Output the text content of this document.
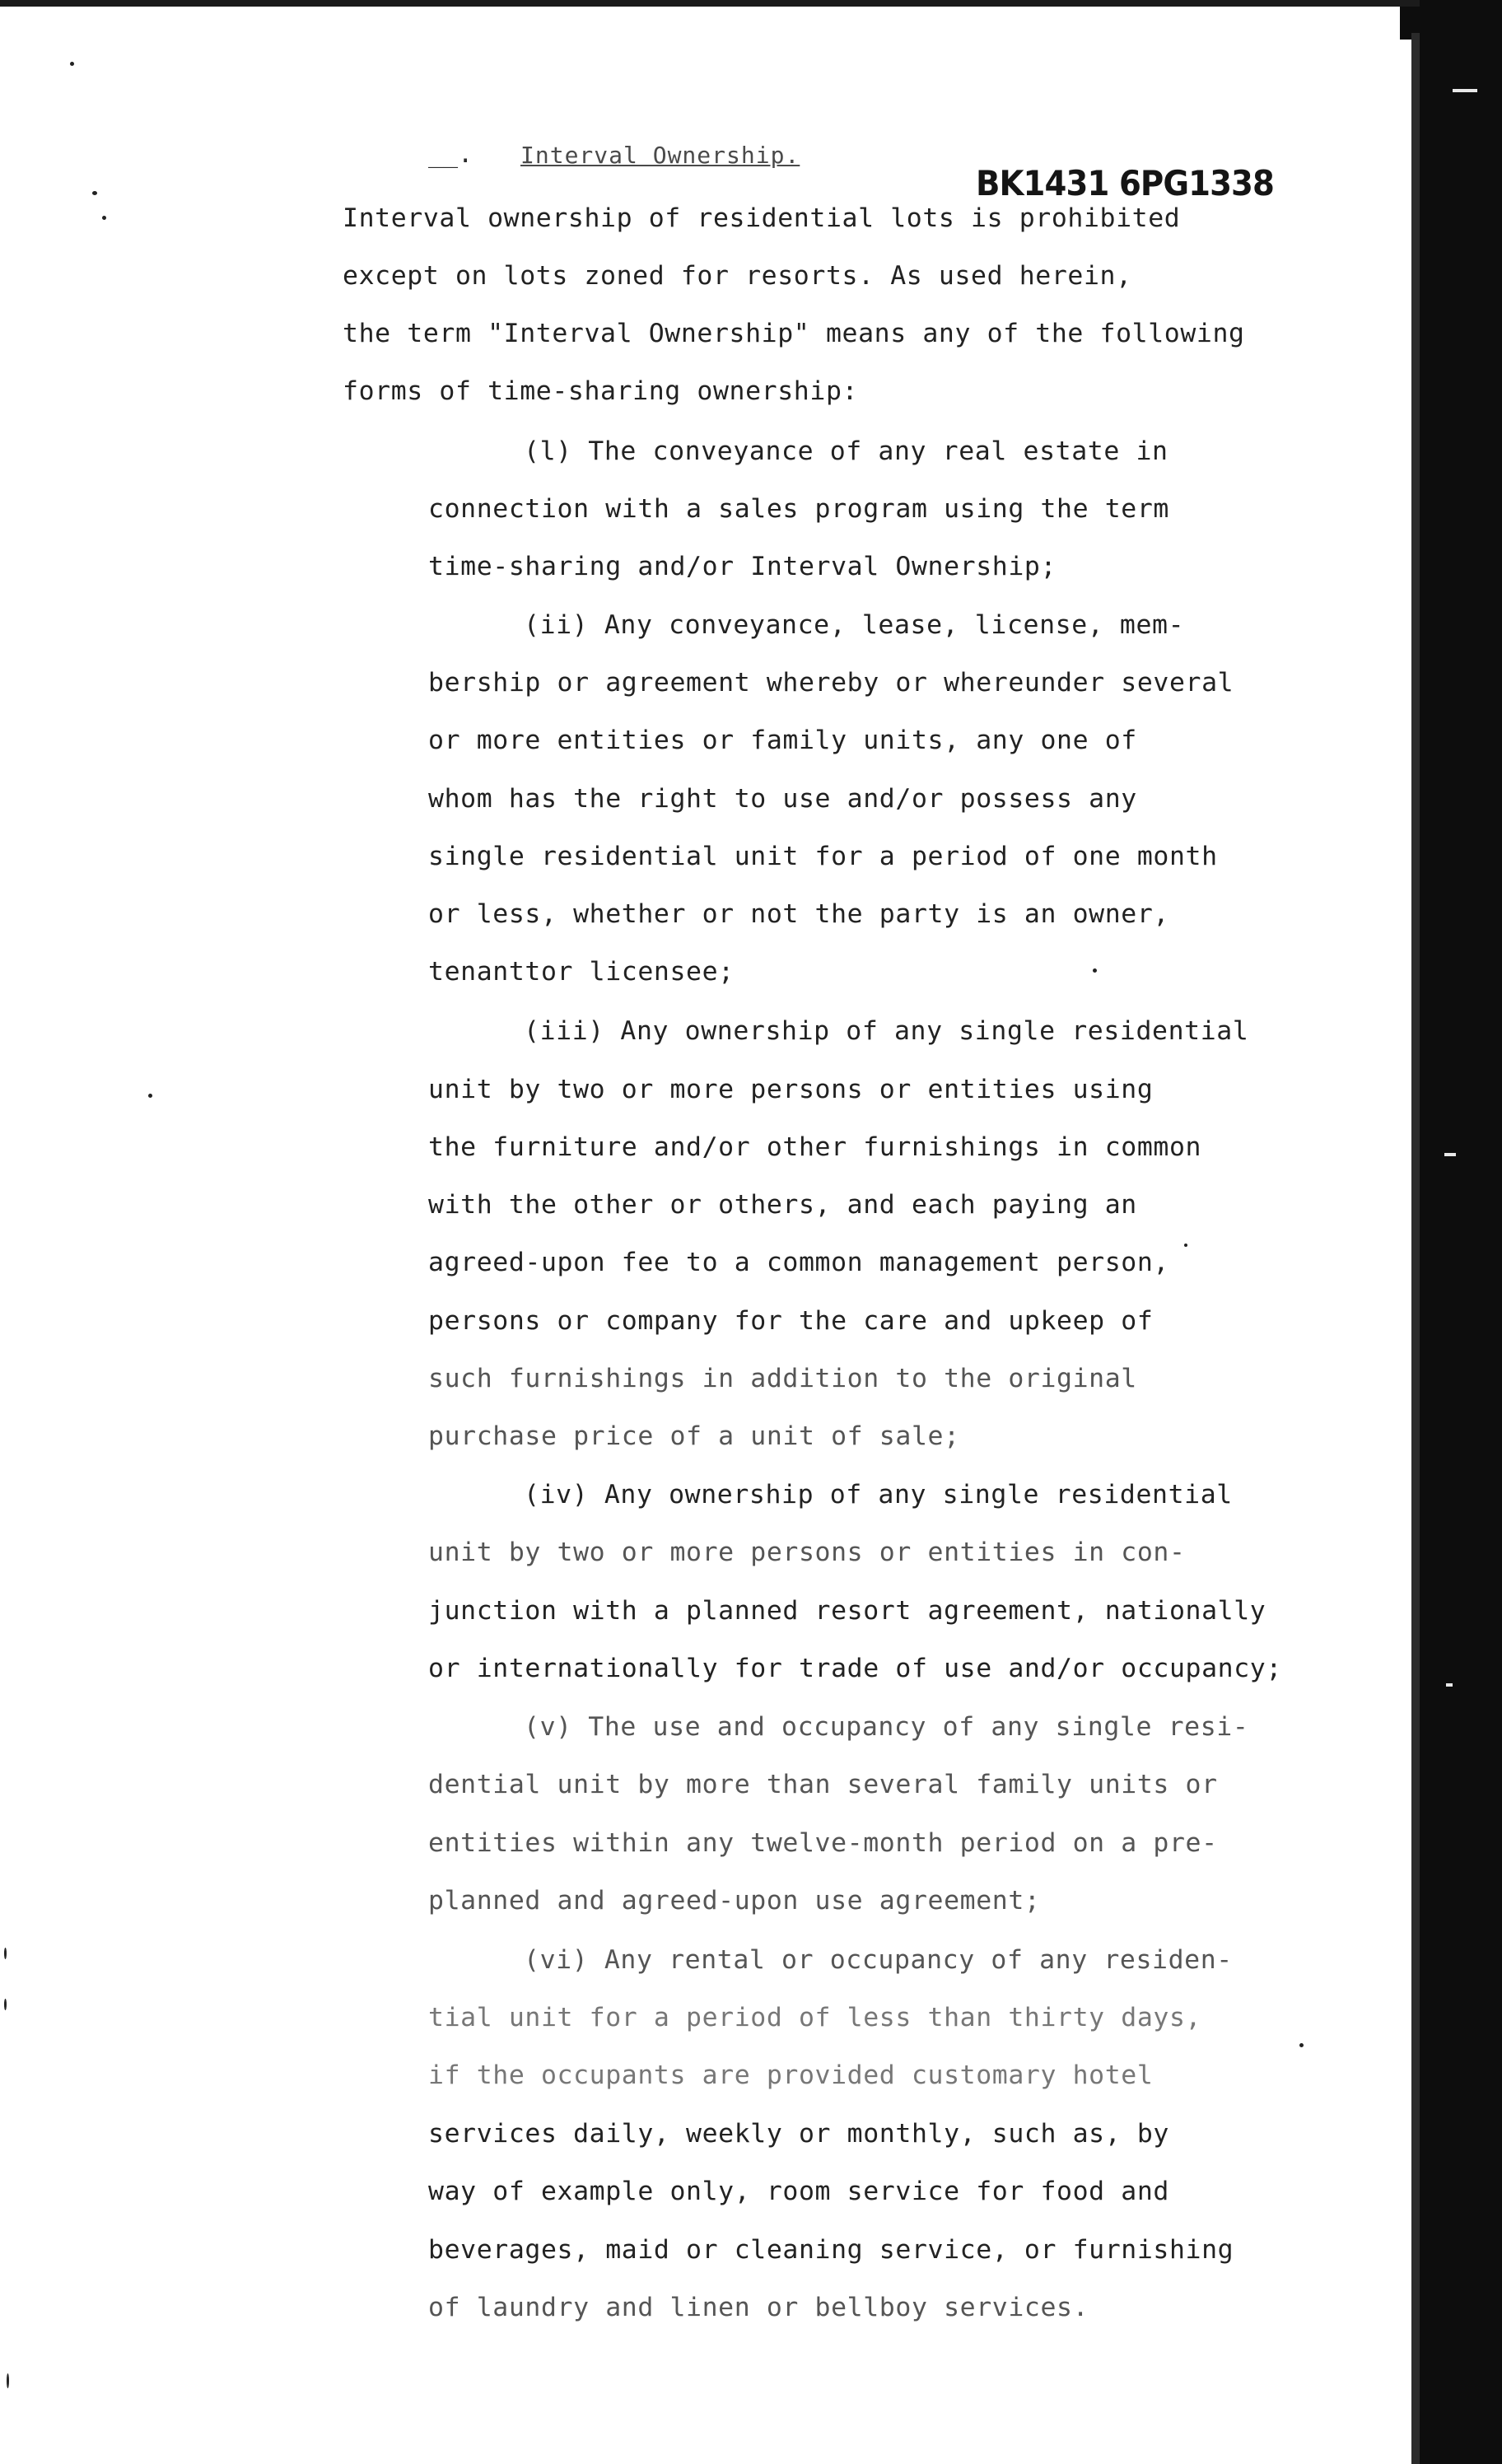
__. Interval Ownership.
BK1431 6PG1338
Interval ownership of residential lots is prohibited
except on lots zoned for resorts. As used herein,
the term "Interval Ownership" means any of the following
forms of time-sharing ownership:
(l) The conveyance of any real estate in
connection with a sales program using the term
time-sharing and/or Interval Ownership;
(ii) Any conveyance, lease, license, mem-
bership or agreement whereby or whereunder several
or more entities or family units, any one of
whom has the right to use and/or possess any
single residential unit for a period of one month
or less, whether or not the party is an owner,
tenanttor licensee;
(iii) Any ownership of any single residential
unit by two or more persons or entities using
the furniture and/or other furnishings in common
with the other or others, and each paying an
agreed-upon fee to a common management person,
persons or company for the care and upkeep of
such furnishings in addition to the original
purchase price of a unit of sale;
(iv) Any ownership of any single residential
unit by two or more persons or entities in con-
junction with a planned resort agreement, nationally
or internationally for trade of use and/or occupancy;
(v) The use and occupancy of any single resi-
dential unit by more than several family units or
entities within any twelve-month period on a pre-
planned and agreed-upon use agreement;
(vi) Any rental or occupancy of any residen-
tial unit for a period of less than thirty days,
if the occupants are provided customary hotel
services daily, weekly or monthly, such as, by
way of example only, room service for food and
beverages, maid or cleaning service, or furnishing
of laundry and linen or bellboy services.
